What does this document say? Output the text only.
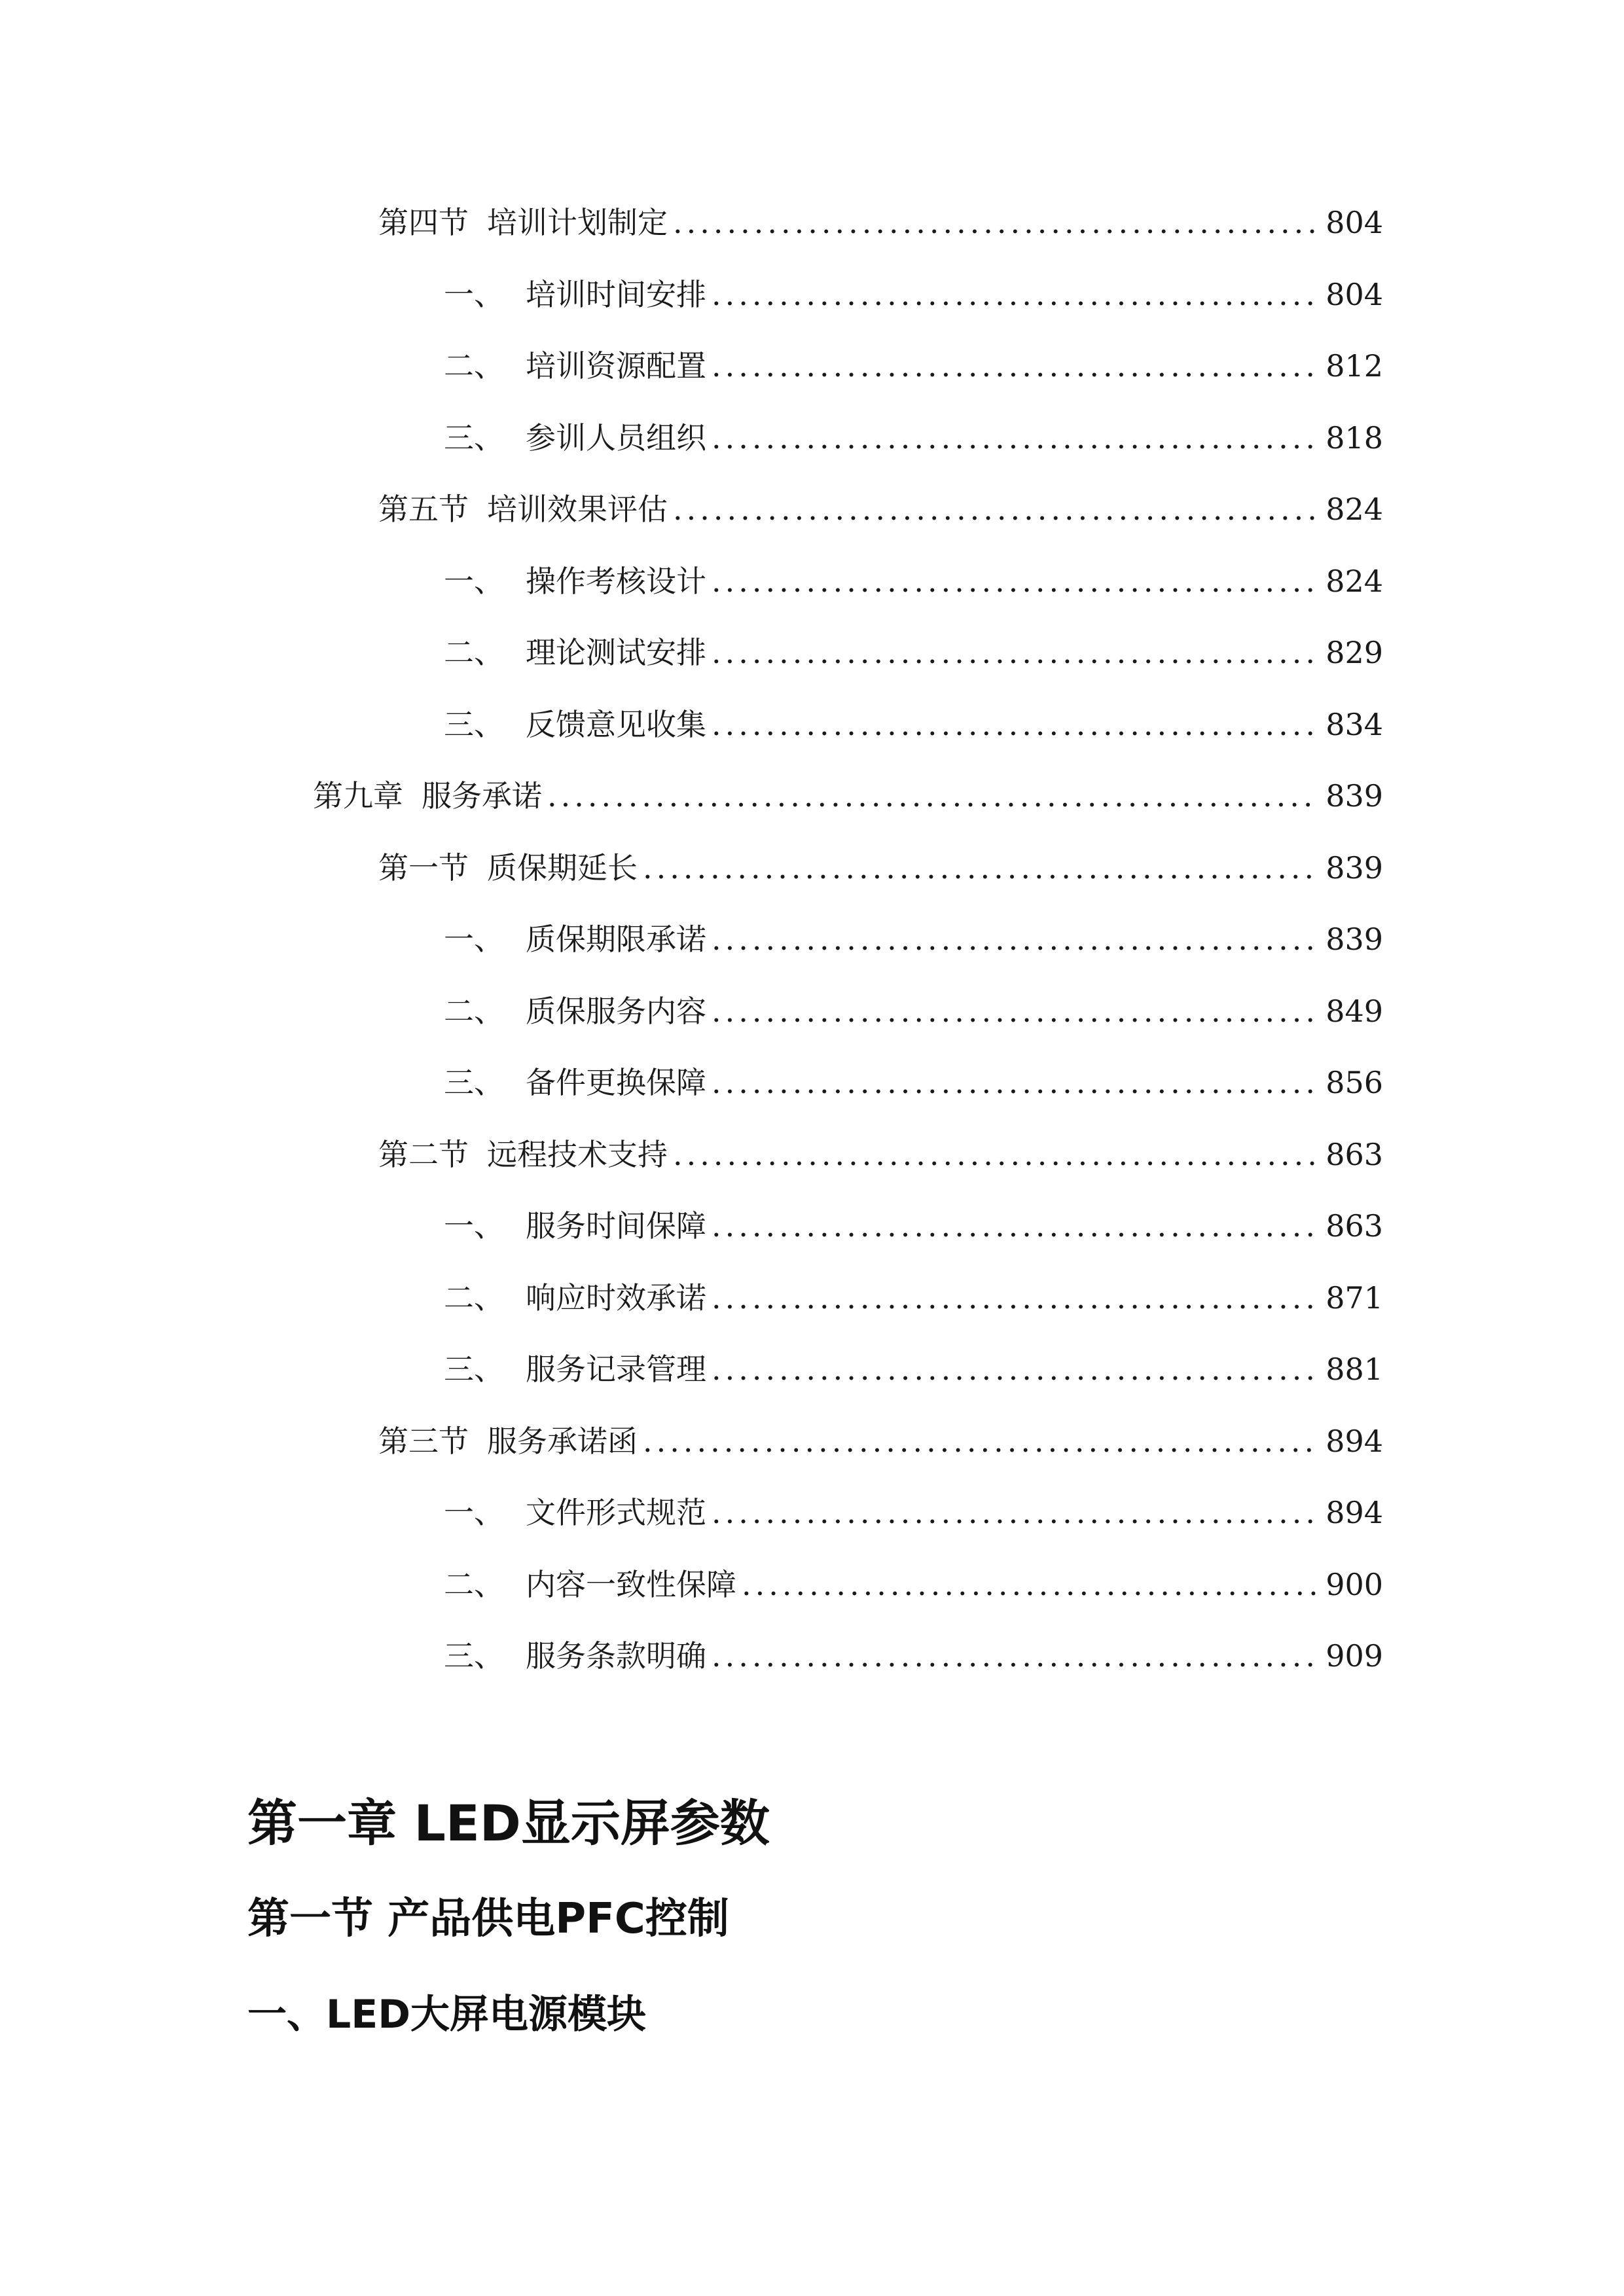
第四节 培训计划制定 .....	804
一、 培训时间安排 .....	804
二、 培训资源配置 .....	812
三、 参训人员组织 .....	818
第五节 培训效果评估 .....	824
一、 操作考核设计 .....	824
二、 理论测试安排 .....	829
三、 反馈意见收集 .....	834
第九章 服务承诺 .....	839
第一节 质保期延长 .....	839
一、 质保期限承诺 .....	839
二、 质保服务内容 .....	849
三、 备件更换保障 .....	856
第二节 远程技术支持 .....	863
一、 服务时间保障 .....	863
二、 响应时效承诺 .....	871
三、 服务记录管理 .....	881
第三节 服务承诺函 .....	894
一、 文件形式规范 .....	894
二、 内容一致性保障 .....	900
三、 服务条款明确 .....	909
第一章 LED显示屏参数
第一节 产品供电PFC控制
一、LED大屏电源模块
